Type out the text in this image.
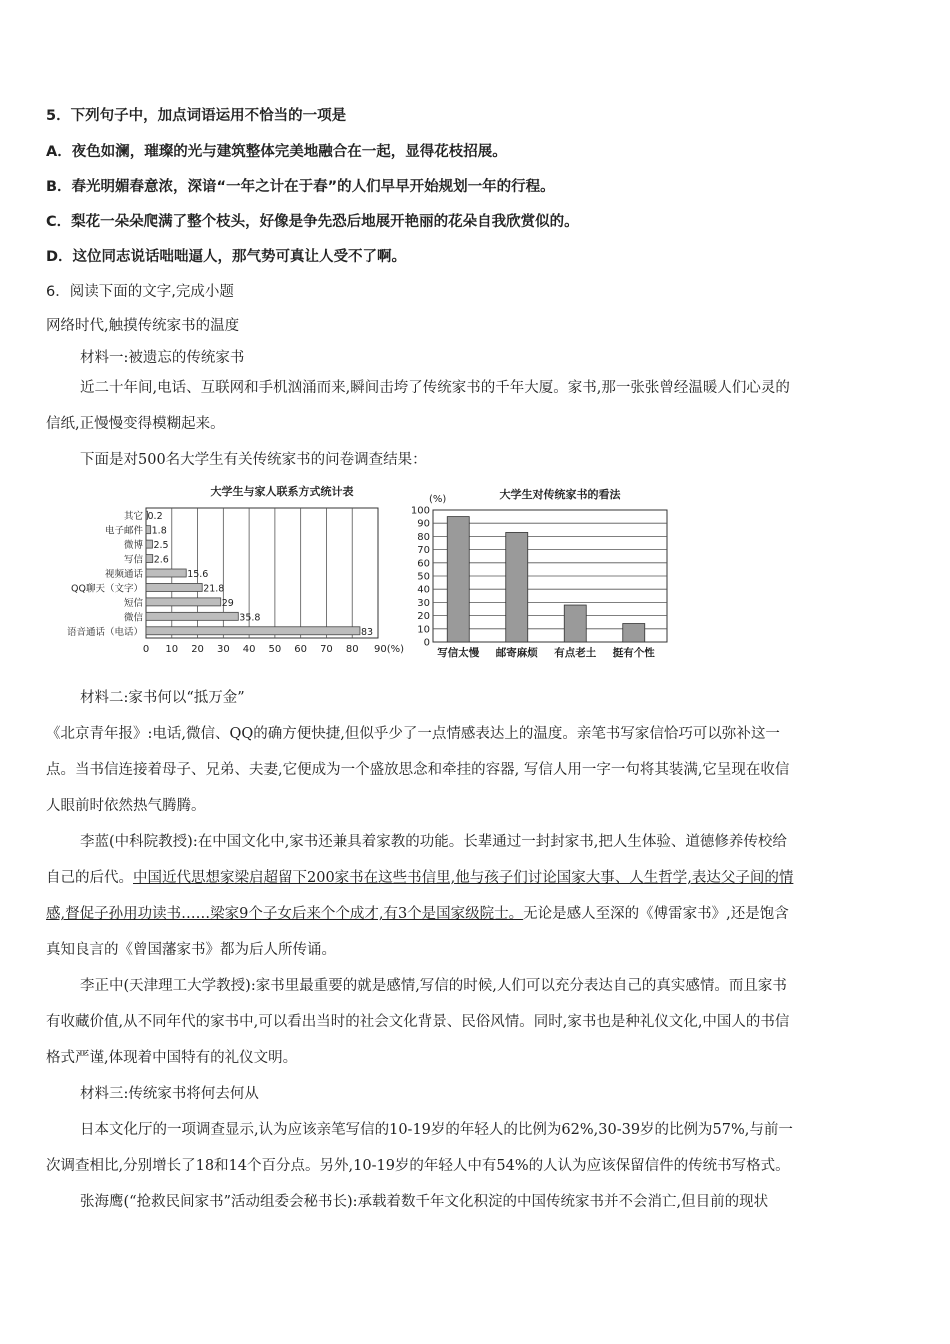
5．下列句子中，加点词语运用不恰当的一项是
A．夜色如澜，璀璨的光与建筑整体完美地融合在一起，显得花枝招展。
B．春光明媚春意浓，深谙“一年之计在于春”的人们早早开始规划一年的行程。
C．梨花一朵朵爬满了整个枝头，好像是争先恐后地展开艳丽的花朵自我欣赏似的。
D．这位同志说话咄咄逼人，那气势可真让人受不了啊。
6．阅读下面的文字,完成小题
网络时代,触摸传统家书的温度
材料一:被遗忘的传统家书
近二十年间,电话、互联网和手机汹涌而来,瞬间击垮了传统家书的千年大厦。家书,那一张张曾经温暖人们心灵的
信纸,正慢慢变得模糊起来。
下面是对500名大学生有关传统家书的问卷调查结果：
大学生与家人联系方式统计表
0 10 20 30 40 50 60 70 80 90(%)
其它 0.2
电子邮件 1.8
微博 2.5
写信 2.6
视频通话	15.6
QQ聊天（文字）	21.8
短信	29
微信	35.8
语音通话（电话）	83
大学生对传统家书的看法
(%)
0
10
20
30
40
50
60
70
80
90
100
写信太慢 邮寄麻烦 有点老土 挺有个性
材料二:家书何以“抵万金”
《北京青年报》:电话,微信、QQ的确方便快捷,但似乎少了一点情感表达上的温度。亲笔书写家信恰巧可以弥补这一
点。当书信连接着母子、兄弟、夫妻,它便成为一个盛放思念和牵挂的容器, 写信人用一字一句将其装满,它呈现在收信
人眼前时依然热气腾腾。
李蓝(中科院教授):在中国文化中,家书还兼具着家教的功能。长辈通过一封封家书,把人生体验、道德修养传校给
自己的后代。中国近代思想家梁启超留下200家书在这些书信里,他与孩子们讨论国家大事、人生哲学,表达父子间的情
感,督促子孙用功读书……梁家9个子女后来个个成才,有3个是国家级院士。无论是感人至深的《傅雷家书》,还是饱含
真知良言的《曾国藩家书》都为后人所传诵。
李正中(天津理工大学教授):家书里最重要的就是感情,写信的时候,人们可以充分表达自己的真实感情。而且家书
有收藏价值,从不同年代的家书中,可以看出当时的社会文化背景、民俗风情。同时,家书也是种礼仪文化,中国人的书信
格式严谨,体现着中国特有的礼仪文明。
材料三:传统家书将何去何从
日本文化厅的一项调查显示,认为应该亲笔写信的10-19岁的年轻人的比例为62%,30-39岁的比例为57%,与前一
次调查相比,分别增长了18和14个百分点。另外,10-19岁的年轻人中有54%的人认为应该保留信件的传统书写格式。
张海鹰(“抢救民间家书”活动组委会秘书长):承载着数千年文化积淀的中国传统家书并不会消亡,但目前的现状
